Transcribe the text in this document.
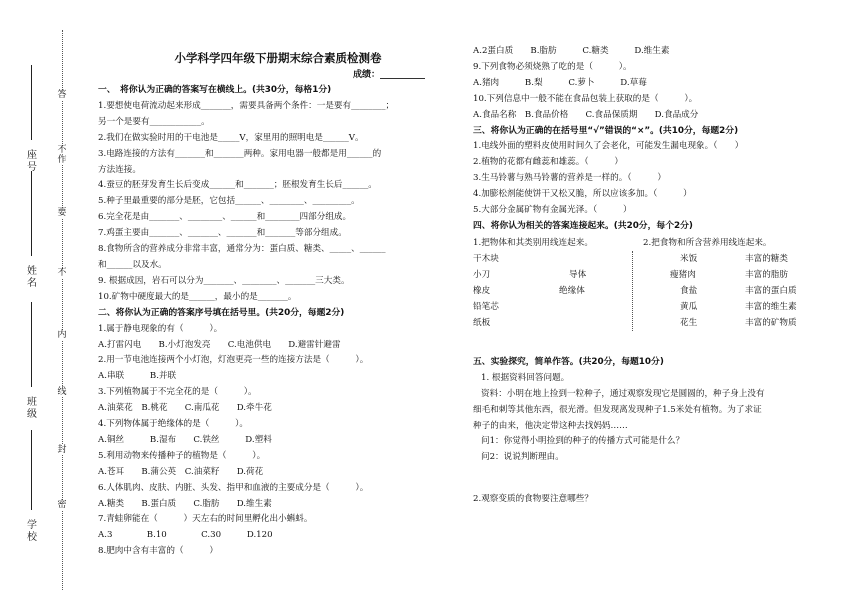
答
不
要
作
不
内
线
封
密
学校
班级
姓名
座号
小学科学四年级下册期末综合素质检测卷
成绩：__________
一、　将你认为正确的答案写在横线上。(共30分，每格1分)
1.要想使电荷流动起来形成_______，需要具备两个条件：一是要有________；
另一个是要有____________。
2.我们在做实验时用的干电池是_____V，家里用的照明电是______V。
3.电路连接的方法有_______和_______两种。家用电器一般都是用______的
方法连接。
4.蚕豆的胚芽发育生长后变成______和_______；胚根发育生长后______。
5.种子里最重要的部分是胚，它包括______、________、_________。
6.完全花是由_______、________、______和________四部分组成。
7.鸡蛋主要由_______、_______、_______和_______等部分组成。
8.食物所含的营养成分非常丰富，通常分为：蛋白质、糖类、_____、______
和______以及水。
9. 根据成因，岩石可以分为_______、________、_______三大类。
10.矿物中硬度最大的是______，最小的是_______。
二、将你认为正确的答案序号填在括号里。(共20分，每题2分)
1.属于静电现象的有（　　　）。
A.打雷闪电　　B.小灯泡发亮　　C.电池供电　　D.避雷针避雷
2.用一节电池连接两个小灯泡，灯泡更亮一些的连接方法是（　　　）。
A.串联　　　B.并联
3.下列植物属于不完全花的是（　　　）。
A.油菜花　B.桃花　　C.南瓜花　　D.牵牛花
4.下列物体属于绝缘体的是（　　　）。
A.铜丝　　　B.湿布　　C.铁丝　　　D.塑料
5.利用动物来传播种子的植物是（　　　）。
A.苍耳　　B.蒲公英　C.油菜籽　　D.荷花
6.人体肌肉、皮肤、内脏、头发、指甲和血液的主要成分是（　　　）。
A.糖类　　B.蛋白质　　C.脂肪　　D.维生素
7.青蛙卵能在（　　　）天左右的时间里孵化出小蝌蚪。
A.3　　　　B.10　　　　C.30　　　D.120
8.肥肉中含有丰富的（　　　）
A.2蛋白质　　B.脂肪　　　C.糖类　　　D.维生素
9.下列食物必须烧熟了吃的是（　　　）。
A.猪肉　　　B.梨　　　C.萝卜　　　D.草莓
10.下列信息中一般不能在食品包装上获取的是（　　　）。
A.食品名称　B.食品价格　　C.食品保质期　　D.食品成分
三、将你认为正确的在括号里“√”错误的“×”。(共10分，每题2分)
1.电线外面的塑料皮使用时间久了会老化，可能发生漏电现象。（　　）
2.植物的花都有雌蕊和雄蕊。（　　　）
3.生马铃薯与熟马铃薯的营养是一样的。（　　　）
4.加膨松剂能使饼干又松又脆，所以应该多加。（　　　）
5.大部分金属矿物有金属光泽。（　　　）
四、将你认为相关的答案连接起来。(共20分，每个2分)
1.把物体和其类别用线连起来。	2.把食物和所含营养用线连起来。
干木块
小刀
橡皮
铅笔芯
纸板
导体
绝缘体
米饭
瘦猪肉
食盐
黄瓜
花生
丰富的糖类
丰富的脂肪
丰富的蛋白质
丰富的维生素
丰富的矿物质
五、实验探究，简单作答。(共20分，每题10分)
1. 根据资料回答问题。
资料：小明在地上捡到一粒种子，通过观察发现它是圆圆的，种子身上没有
细毛和刺等其他东西，很光滑。但发现离发现种子1.5米处有植物。为了求证
种子的由来，他决定带这种去找妈妈……
问1：你觉得小明捡到的种子的传播方式可能是什么？
问2：说说判断理由。
2.观察变质的食物要注意哪些？
